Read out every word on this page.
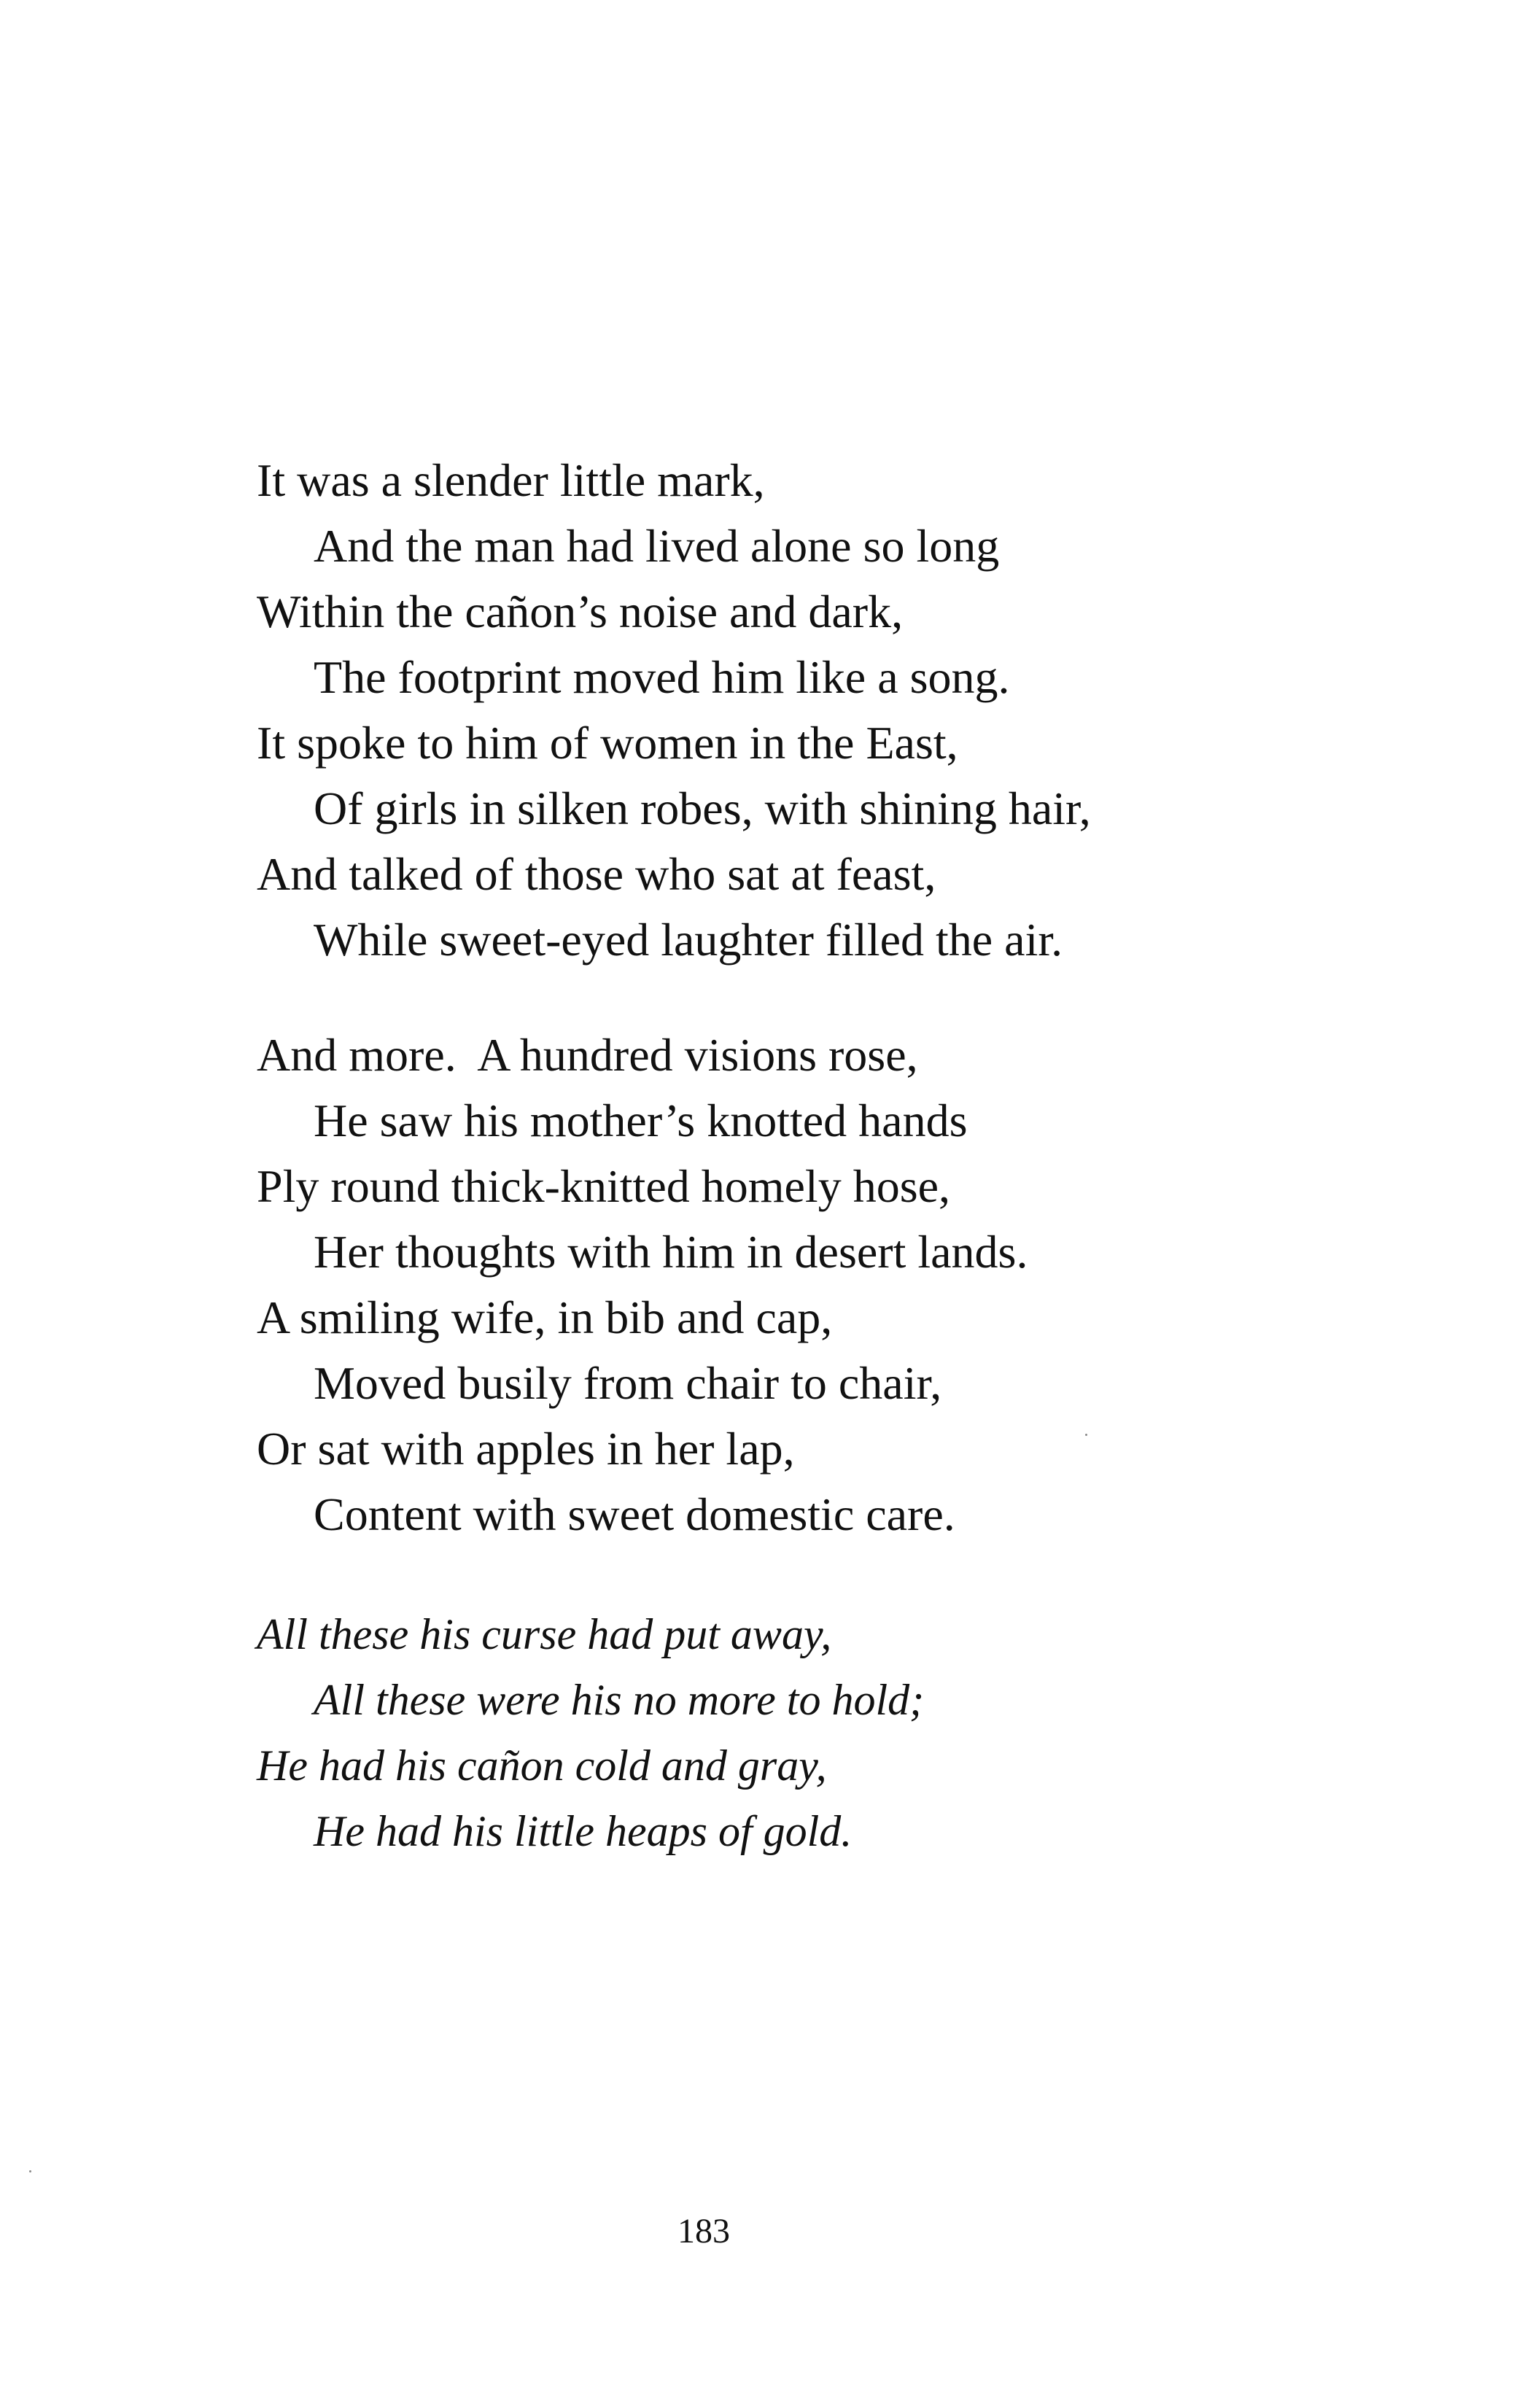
It was a slender little mark,
And the man had lived alone so long
Within the cañon’s noise and dark,
The footprint moved him like a song.
It spoke to him of women in the East,
Of girls in silken robes, with shining hair,
And talked of those who sat at feast,
While sweet-eyed laughter filled the air.
And more.  A hundred visions rose,
He saw his mother’s knotted hands
Ply round thick-knitted homely hose,
Her thoughts with him in desert lands.
A smiling wife, in bib and cap,
Moved busily from chair to chair,
Or sat with apples in her lap,
Content with sweet domestic care.
All these his curse had put away,
All these were his no more to hold;
He had his cañon cold and gray,
He had his little heaps of gold.
183
